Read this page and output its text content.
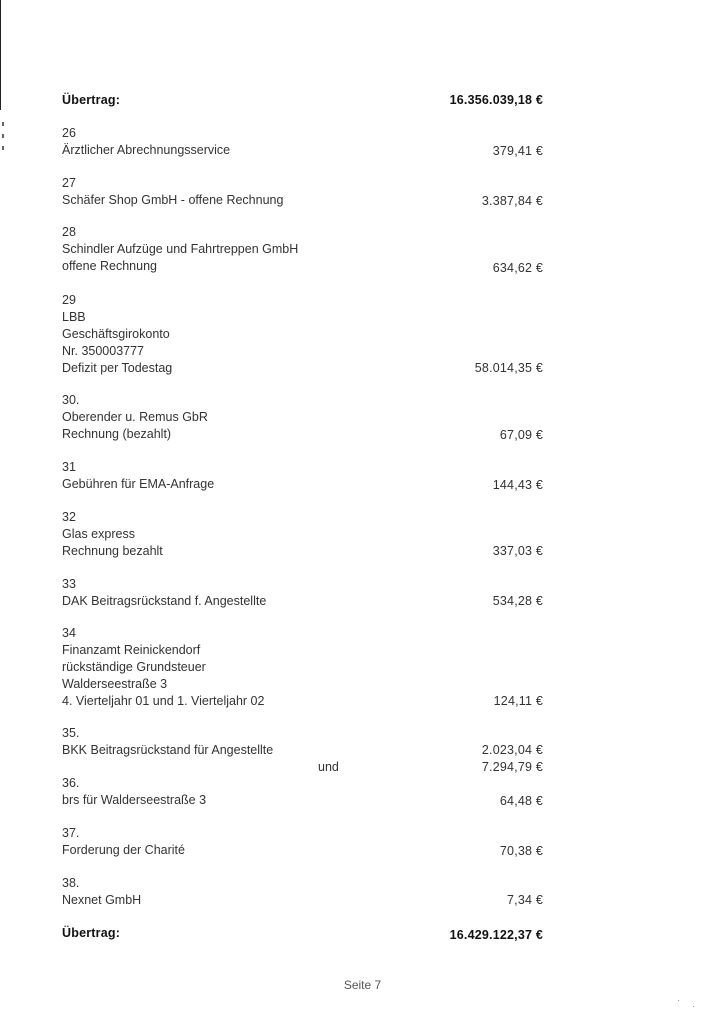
Übertrag:	16.356.039,18 €
26
Ärztlicher Abrechnungsservice	379,41 €
27
Schäfer Shop GmbH - offene Rechnung	3.387,84 €
28
Schindler Aufzüge und Fahrtreppen GmbH
offene Rechnung	634,62 €
29
LBB
Geschäftsgirokonto
Nr. 350003777
Defizit per Todestag	58.014,35 €
30.
Oberender u. Remus GbR
Rechnung (bezahlt)	67,09 €
31
Gebühren für EMA-Anfrage	144,43 €
32
Glas express
Rechnung bezahlt	337,03 €
33
DAK Beitragsrückstand f. Angestellte	534,28 €
34
Finanzamt Reinickendorf
rückständige Grundsteuer
Walderseestraße 3
4. Vierteljahr 01 und 1. Vierteljahr 02	124,11 €
35.
BKK Beitragsrückstand für Angestellte	2.023,04 €
und	7.294,79 €
36.
brs für Walderseestraße 3	64,48 €
37.
Forderung der Charité	70,38 €
38.
Nexnet GmbH	7,34 €
Übertrag:	16.429.122,37 €
Seite 7
